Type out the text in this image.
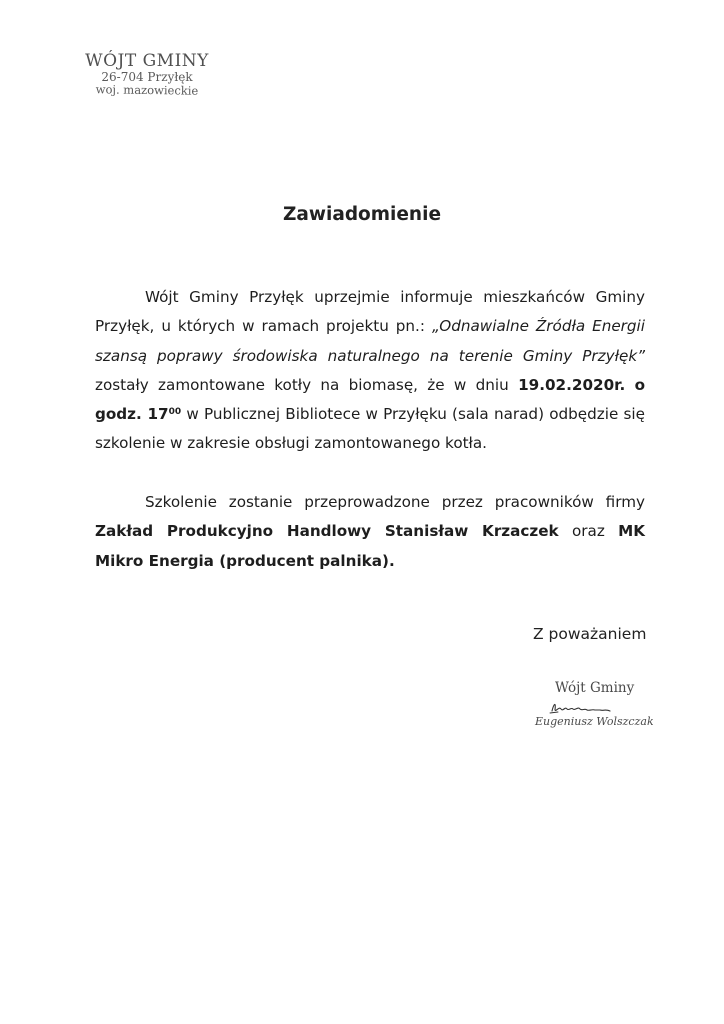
WÓJT GMINY
26-704 Przyłęk
woj. mazowieckie
Zawiadomienie
Wójt Gminy Przyłęk uprzejmie informuje mieszkańców Gminy Przyłęk, u których w ramach projektu pn.: „Odnawialne Źródła Energii szansą poprawy środowiska naturalnego na terenie Gminy Przyłęk” zostały zamontowane kotły na biomasę, że w dniu 19.02.2020r. o godz. $17^{00}$ w Publicznej Bibliotece w Przyłęku (sala narad) odbędzie się szkolenie w zakresie obsługi zamontowanego kotła.
Szkolenie zostanie przeprowadzone przez pracowników firmy Zakład Produkcyjno Handlowy Stanisław Krzaczek oraz MK Mikro Energia (producent palnika).
Z poważaniem
Wójt Gminy
Eugeniusz Wolszczak
